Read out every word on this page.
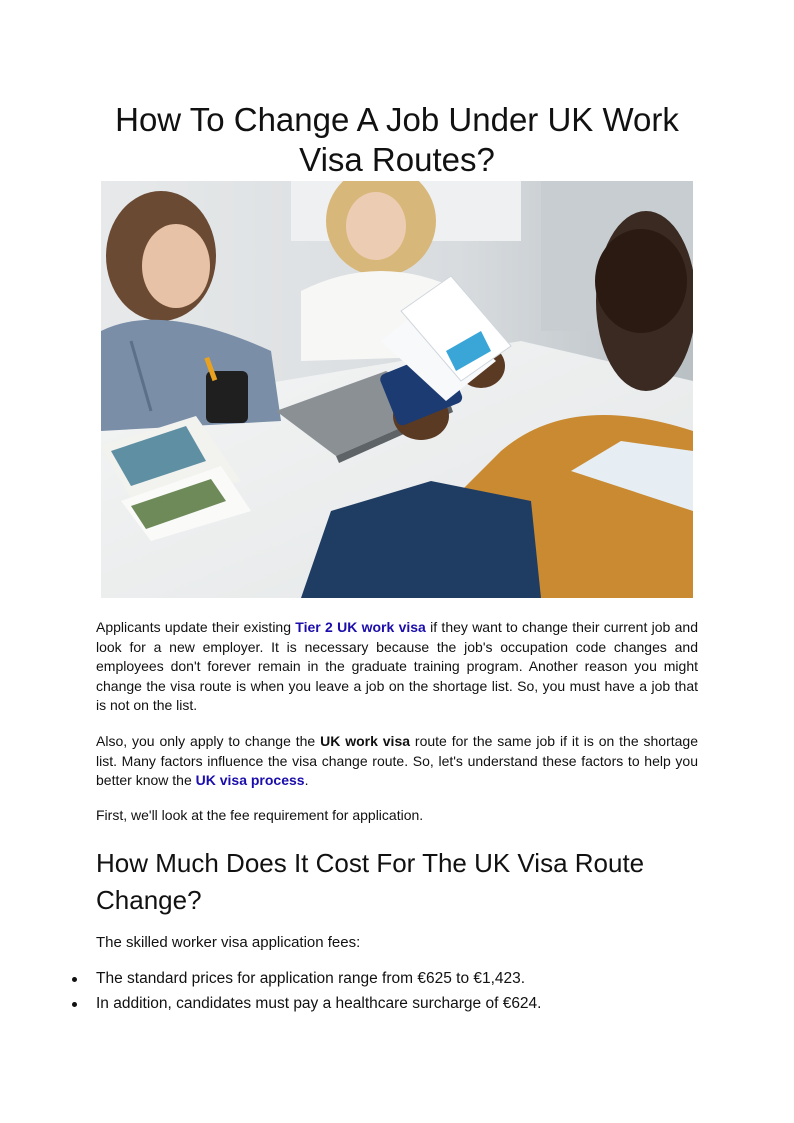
How To Change A Job Under UK Work Visa Routes?

Applicants update their existing Tier 2 UK work visa if they want to change their current job and look for a new employer. It is necessary because the job's occupation code changes and employees don't forever remain in the graduate training program. Another reason you might change the visa route is when you leave a job on the shortage list. So, you must have a job that is not on the list.

Also, you only apply to change the UK work visa route for the same job if it is on the shortage list. Many factors influence the visa change route. So, let's understand these factors to help you better know the UK visa process.

First, we'll look at the fee requirement for application.

How Much Does It Cost For The UK Visa Route Change?

The skilled worker visa application fees:

The standard prices for application range from €625 to €1,423.
In addition, candidates must pay a healthcare surcharge of €624.
